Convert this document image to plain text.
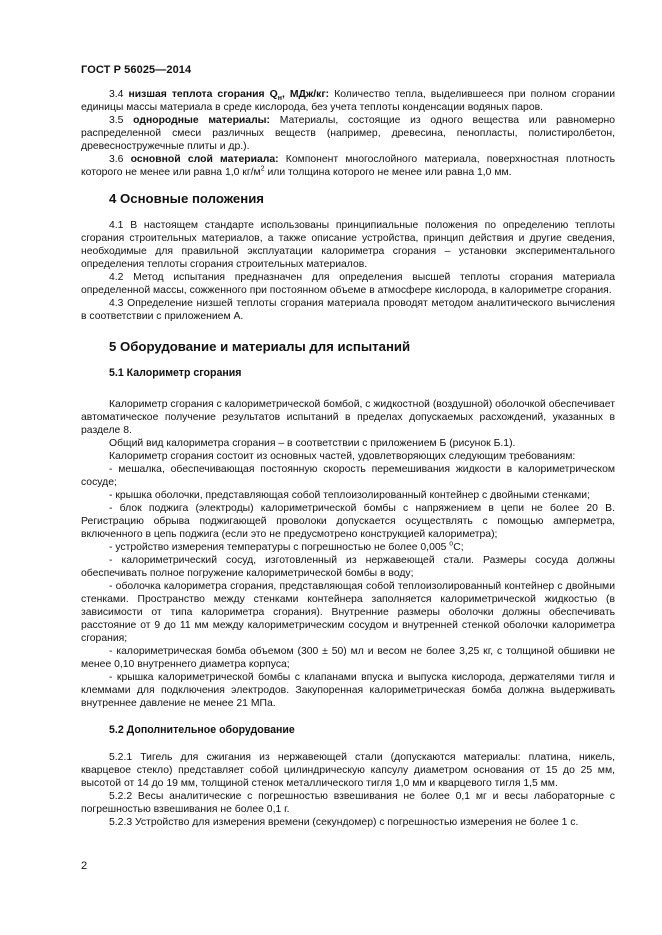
ГОСТ Р 56025—2014

3.4 низшая теплота сгорания $Q_н$, МДж/кг: Количество тепла, выделившееся при полном сгорании единицы массы материала в среде кислорода, без учета теплоты конденсации водяных паров.

3.5 однородные материалы: Материалы, состоящие из одного вещества или равномерно распределенной смеси различных веществ (например, древесина, пенопласты, полистиролбетон, древесностружечные плиты и др.).

3.6 основной слой материала: Компонент многослойного материала, поверхностная плотность которого не менее или равна 1,0 $кг/м^2$ или толщина которого не менее или равна 1,0 мм.

4 Основные положения

4.1 В настоящем стандарте использованы принципиальные положения по определению теплоты сгорания строительных материалов, а также описание устройства, принцип действия и другие сведения, необходимые для правильной эксплуатации калориметра сгорания – установки экспериментального определения теплоты сгорания строительных материалов.

4.2 Метод испытания предназначен для определения высшей теплоты сгорания материала определенной массы, сожженного при постоянном объеме в атмосфере кислорода, в калориметре сгорания.

4.3 Определение низшей теплоты сгорания материала проводят методом аналитического вычисления в соответствии с приложением А.

5 Оборудование и материалы для испытаний
5.1 Калориметр сгорания

Калориметр сгорания с калориметрической бомбой, с жидкостной (воздушной) оболочкой обеспечивает автоматическое получение результатов испытаний в пределах допускаемых расхождений, указанных в разделе 8.

Общий вид калориметра сгорания – в соответствии с приложением Б (рисунок Б.1).

Калориметр сгорания состоит из основных частей, удовлетворяющих следующим требованиям:

- мешалка, обеспечивающая постоянную скорость перемешивания жидкости в калориметрическом сосуде;

- крышка оболочки, представляющая собой теплоизолированный контейнер с двойными стенками;

- блок поджига (электроды) калориметрической бомбы с напряжением в цепи не более 20 В. Регистрацию обрыва поджигающей проволоки допускается осуществлять с помощью амперметра, включенного в цепь поджига (если это не предусмотрено конструкцией калориметра);

- устройство измерения температуры с погрешностью не более 0,005 $^о$С;

- калориметрический сосуд, изготовленный из нержавеющей стали. Размеры сосуда должны обеспечивать полное погружение калориметрической бомбы в воду;

- оболочка калориметра сгорания, представляющая собой теплоизолированный контейнер с двойными стенками. Пространство между стенками контейнера заполняется калориметрической жидкостью (в зависимости от типа калориметра сгорания). Внутренние размеры оболочки должны обеспечивать расстояние от 9 до 11 мм между калориметрическим сосудом и внутренней стенкой оболочки калориметра сгорания;

- калориметрическая бомба объемом (300 ± 50) мл и весом не более 3,25 кг, с толщиной обшивки не менее 0,10 внутреннего диаметра корпуса;

- крышка калориметрической бомбы с клапанами впуска и выпуска кислорода, держателями тигля и клеммами для подключения электродов. Закупоренная калориметрическая бомба должна выдерживать внутреннее давление не менее 21 МПа.

5.2 Дополнительное оборудование

5.2.1 Тигель для сжигания из нержавеющей стали (допускаются материалы: платина, никель, кварцевое стекло) представляет собой цилиндрическую капсулу диаметром основания от 15 до 25 мм, высотой от 14 до 19 мм, толщиной стенок металлического тигля 1,0 мм и кварцевого тигля 1,5 мм.

5.2.2 Весы аналитические с погрешностью взвешивания не более 0,1 мг и весы лабораторные с погрешностью взвешивания не более 0,1 г.

5.2.3 Устройство для измерения времени (секундомер) с погрешностью измерения не более 1 с.

2
